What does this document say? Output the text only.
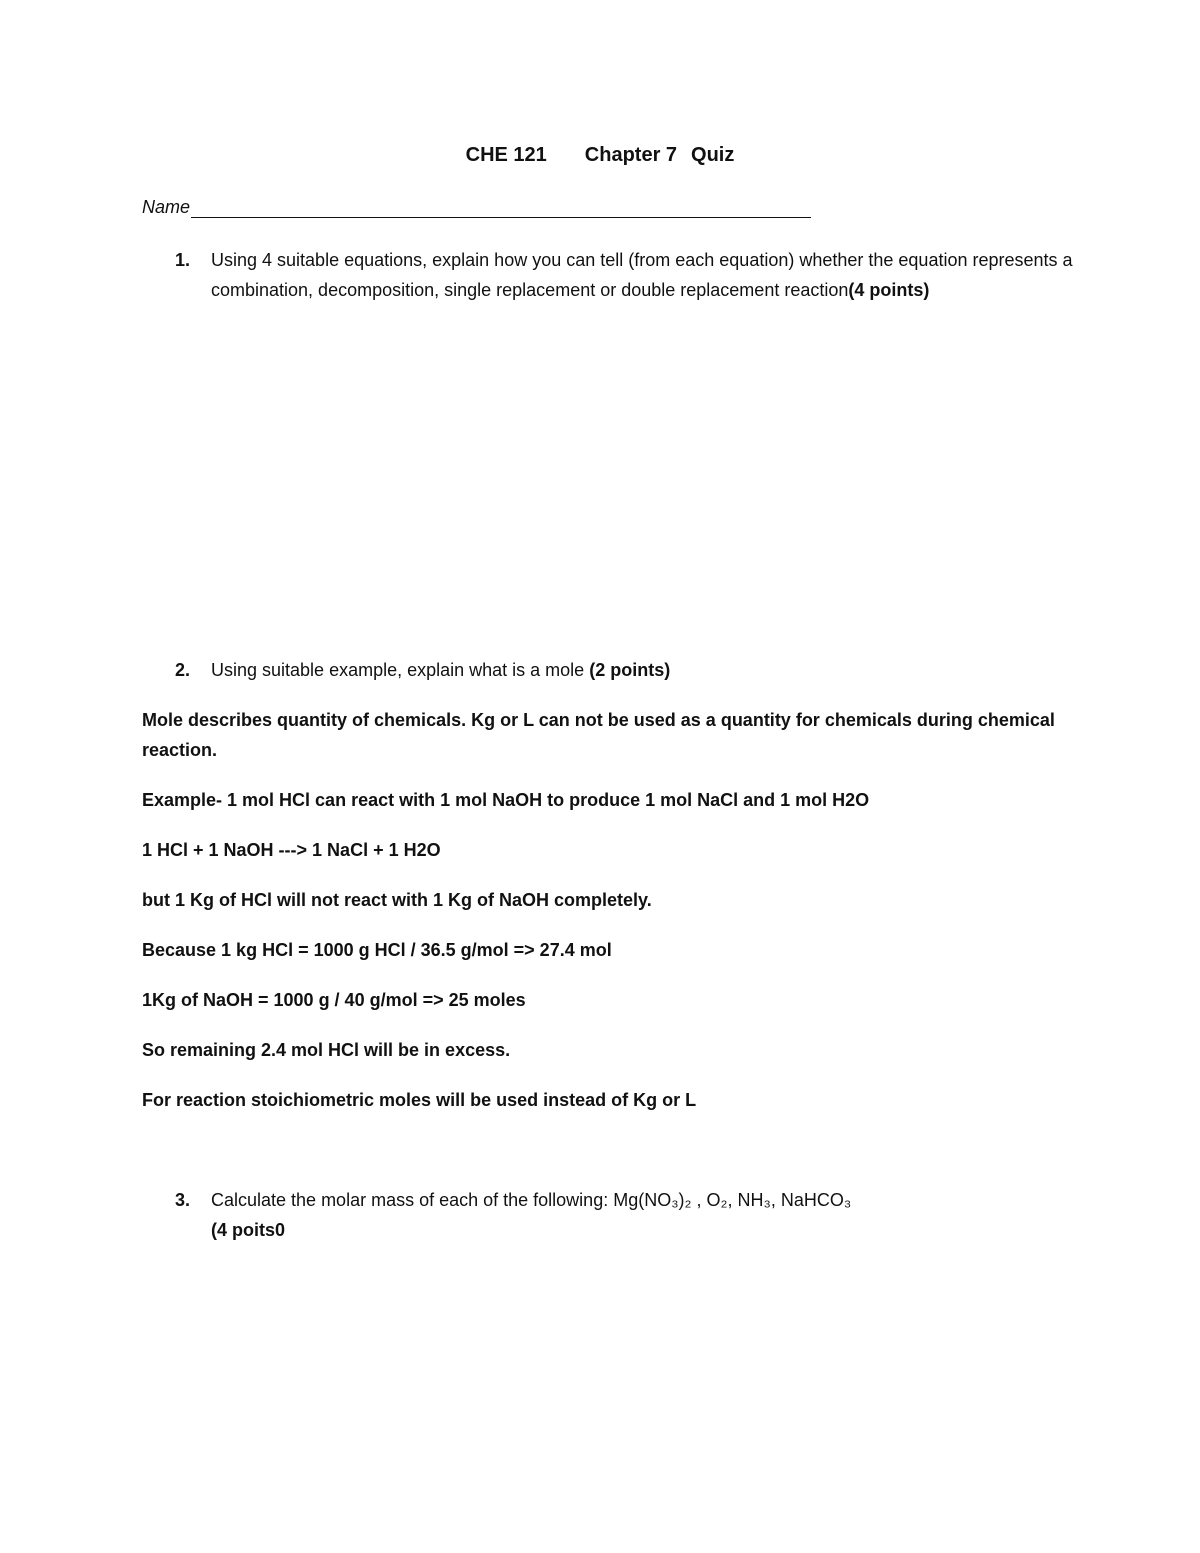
CHE 121 Chapter 7 Quiz
Name
1. Using 4 suitable equations, explain how you can tell (from each equation) whether the equation represents a combination, decomposition, single replacement or double replacement reaction(4 points)
2. Using suitable example, explain what is a mole (2 points)
Mole describes quantity of chemicals. Kg or L can not be used as a quantity for chemicals during chemical reaction.
Example- 1 mol HCl can react with 1 mol NaOH to produce 1 mol NaCl and 1 mol H2O
1 HCl + 1 NaOH ---> 1 NaCl + 1 H2O
but 1 Kg of HCl will not react with 1 Kg of NaOH completely.
Because 1 kg HCl = 1000 g HCl / 36.5 g/mol => 27.4 mol
1Kg of NaOH = 1000 g / 40 g/mol => 25 moles
So remaining 2.4 mol HCl will be in excess.
For reaction stoichiometric moles will be used instead of Kg or L
3. Calculate the molar mass of each of the following: Mg(NO₃)₂ , O₂, NH₃, NaHCO₃
(4 poits0
